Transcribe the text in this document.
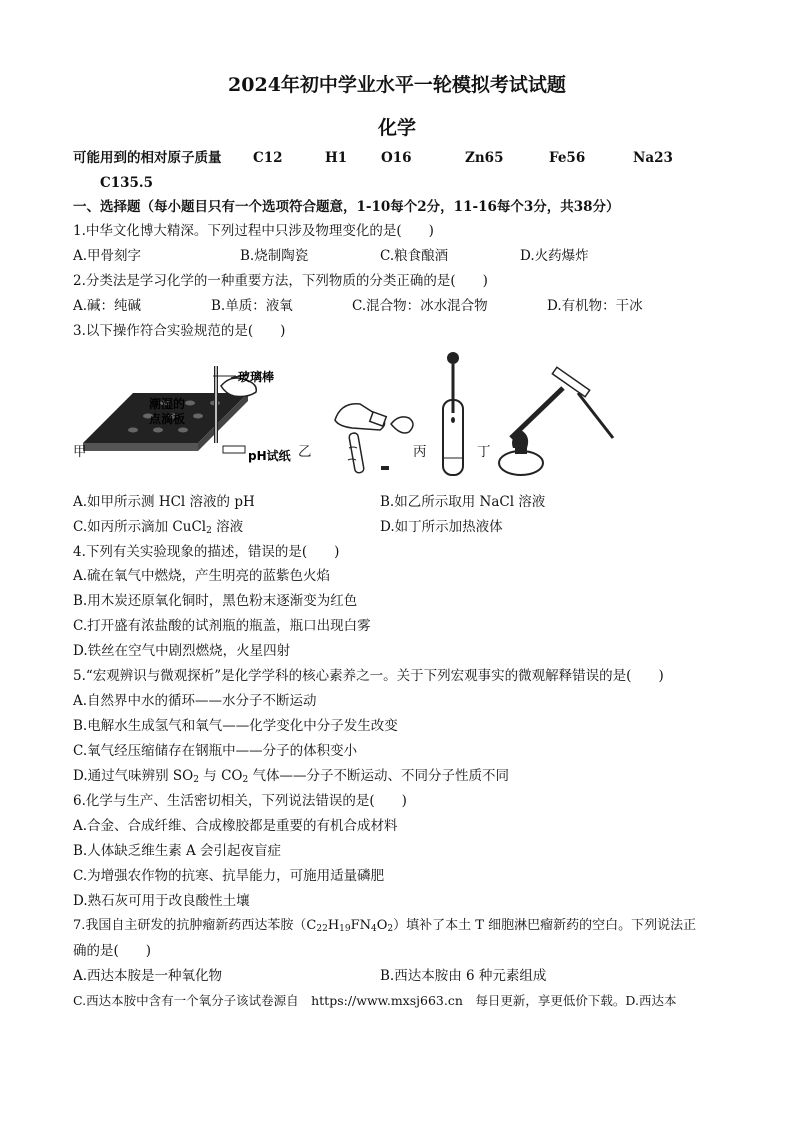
2024年初中学业水平一轮模拟考试试题
化学
可能用到的相对原子质量 C12	H1	O16	Zn65	Fe56	Na23
C135.5
一、选择题（每小题目只有一个选项符合题意，1-10每个2分，11-16每个3分，共38分）
1.中华文化博大精深。下列过程中只涉及物理变化的是(　　)
A.甲骨刻字	B.烧制陶瓷	C.粮食酿酒	D.火药爆炸
2.分类法是学习化学的一种重要方法，下列物质的分类正确的是(　　)
A.碱：纯碱	B.单质：液氧	C.混合物：冰水混合物	D.有机物：干冰
3.以下操作符合实验规范的是(　　)
玻璃棒
潮湿的
点滴板
pH试纸
甲	乙	丙	丁
A.如甲所示测 HCl 溶液的 pH	B.如乙所示取用 NaCl 溶液
C.如丙所示滴加 CuCl$_2$ 溶液	D.如丁所示加热液体
4.下列有关实验现象的描述，错误的是(　　)
A.硫在氧气中燃烧，产生明亮的蓝紫色火焰
B.用木炭还原氧化铜时，黑色粉末逐渐变为红色
C.打开盛有浓盐酸的试剂瓶的瓶盖，瓶口出现白雾
D.铁丝在空气中剧烈燃烧，火星四射
5.“宏观辨识与微观探析”是化学学科的核心素养之一。关于下列宏观事实的微观解释错误的是(　　)
A.自然界中水的循环——水分子不断运动
B.电解水生成氢气和氧气——化学变化中分子发生改变
C.氧气经压缩储存在钢瓶中——分子的体积变小
D.通过气味辨别 $SO_2$ 与 $CO_2$ 气体——分子不断运动、不同分子性质不同
6.化学与生产、生活密切相关，下列说法错误的是(　　)
A.合金、合成纤维、合成橡胶都是重要的有机合成材料
B.人体缺乏维生素 A 会引起夜盲症
C.为增强农作物的抗寒、抗旱能力，可施用适量磷肥
D.熟石灰可用于改良酸性土壤
7.我国自主研发的抗肿瘤新药西达苯胺$(C_{22}H_{19}FN_4O_2)$填补了本土 T 细胞淋巴瘤新药的空白。下列说法正
确的是(　　)
A.西达本胺是一种氧化物	B.西达本胺由 6 种元素组成
C.西达本胺中含有一个氧分子该试卷源自　https://www.mxsj663.cn　每日更新，享更低价下载。D.西达本
